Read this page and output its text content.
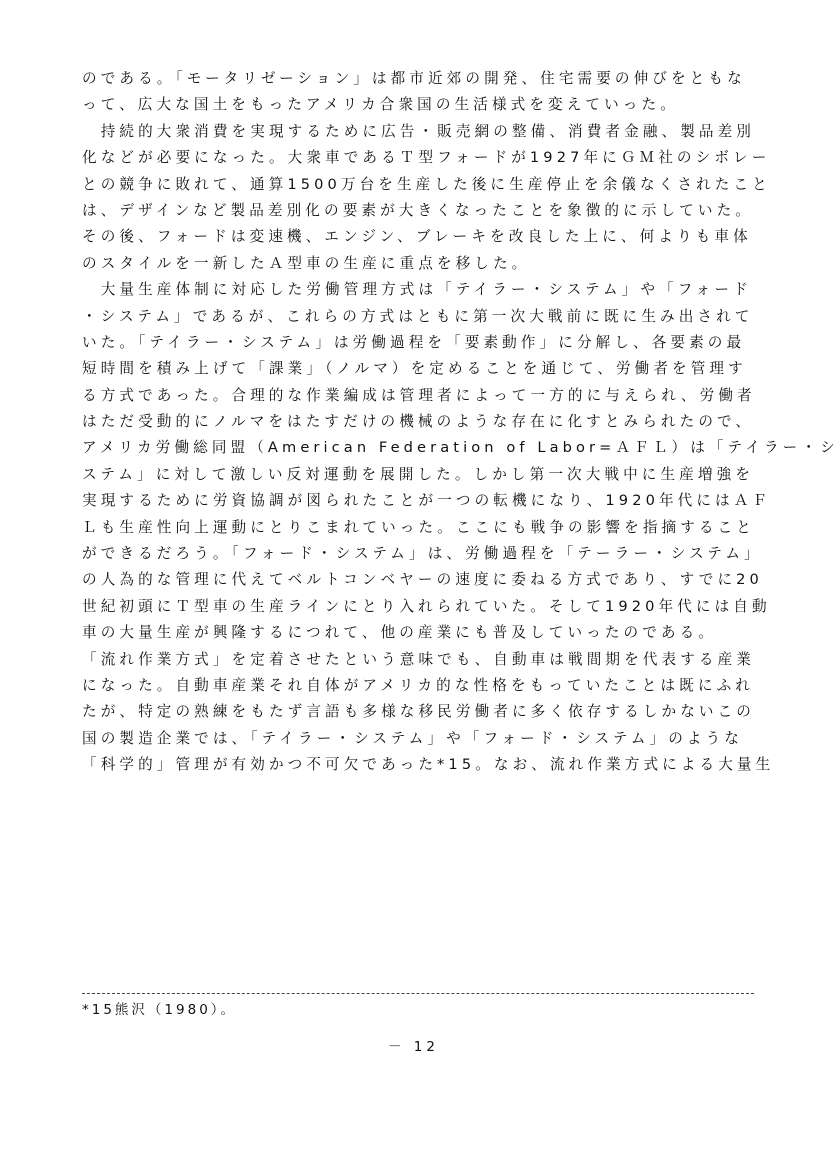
のである。「モータリゼーション」は都市近郊の開発、住宅需要の伸びをともな
って、広大な国土をもったアメリカ合衆国の生活様式を変えていった。
　持続的大衆消費を実現するために広告・販売網の整備、消費者金融、製品差別
化などが必要になった。大衆車であるＴ型フォードが1927年にＧＭ社のシボレー
との競争に敗れて、通算1500万台を生産した後に生産停止を余儀なくされたこと
は、デザインなど製品差別化の要素が大きくなったことを象徴的に示していた。
その後、フォードは変速機、エンジン、ブレーキを改良した上に、何よりも車体
のスタイルを一新したＡ型車の生産に重点を移した。
　大量生産体制に対応した労働管理方式は「テイラー・システム」や「フォード
・システム」であるが、これらの方式はともに第一次大戦前に既に生み出されて
いた。「テイラー・システム」は労働過程を「要素動作」に分解し、各要素の最
短時間を積み上げて「課業」（ノルマ）を定めることを通じて、労働者を管理す
る方式であった。合理的な作業編成は管理者によって一方的に与えられ、労働者
はただ受動的にノルマをはたすだけの機械のような存在に化すとみられたので、
アメリカ労働総同盟（American Federation of Labor=ＡＦＬ）は「テイラー・シ
ステム」に対して激しい反対運動を展開した。しかし第一次大戦中に生産増強を
実現するために労資協調が図られたことが一つの転機になり、1920年代にはＡＦ
Ｌも生産性向上運動にとりこまれていった。ここにも戦争の影響を指摘すること
ができるだろう。「フォード・システム」は、労働過程を「テーラー・システム」
の人為的な管理に代えてベルトコンベヤーの速度に委ねる方式であり、すでに20
世紀初頭にＴ型車の生産ラインにとり入れられていた。そして1920年代には自動
車の大量生産が興隆するにつれて、他の産業にも普及していったのである。
「流れ作業方式」を定着させたという意味でも、自動車は戦間期を代表する産業
になった。自動車産業それ自体がアメリカ的な性格をもっていたことは既にふれ
たが、特定の熟練をもたず言語も多様な移民労働者に多く依存するしかないこの
国の製造企業では、「テイラー・システム」や「フォード・システム」のような
「科学的」管理が有効かつ不可欠であった*15。なお、流れ作業方式による大量生
*15熊沢（1980）。
－ 12
